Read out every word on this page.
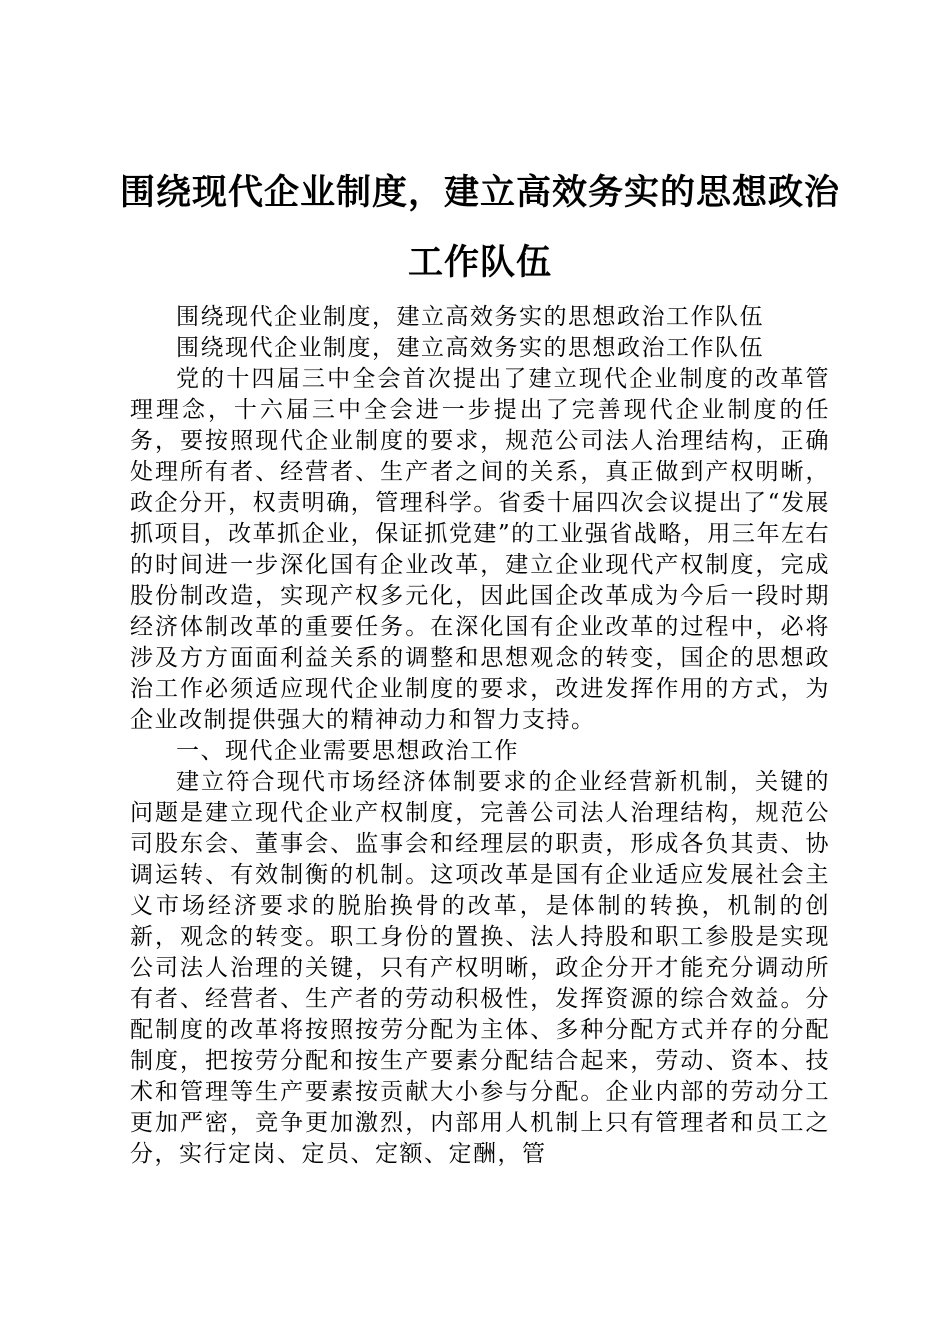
围绕现代企业制度，建立高效务实的思想政治
工作队伍

围绕现代企业制度，建立高效务实的思想政治工作队伍

围绕现代企业制度，建立高效务实的思想政治工作队伍

党的十四届三中全会首次提出了建立现代企业制度的改革管理理念，十六届三中全会进一步提出了完善现代企业制度的任务，要按照现代企业制度的要求，规范公司法人治理结构，正确处理所有者、经营者、生产者之间的关系，真正做到产权明晰，政企分开，权责明确，管理科学。省委十届四次会议提出了“发展抓项目，改革抓企业，保证抓党建”的工业强省战略，用三年左右的时间进一步深化国有企业改革，建立企业现代产权制度，完成股份制改造，实现产权多元化，因此国企改革成为今后一段时期经济体制改革的重要任务。在深化国有企业改革的过程中，必将涉及方方面面利益关系的调整和思想观念的转变，国企的思想政治工作必须适应现代企业制度的要求，改进发挥作用的方式，为企业改制提供强大的精神动力和智力支持。

一、现代企业需要思想政治工作

建立符合现代市场经济体制要求的企业经营新机制，关键的问题是建立现代企业产权制度，完善公司法人治理结构，规范公司股东会、董事会、监事会和经理层的职责，形成各负其责、协调运转、有效制衡的机制。这项改革是国有企业适应发展社会主义市场经济要求的脱胎换骨的改革，是体制的转换，机制的创新，观念的转变。职工身份的置换、法人持股和职工参股是实现公司法人治理的关键，只有产权明晰，政企分开才能充分调动所有者、经营者、生产者的劳动积极性，发挥资源的综合效益。分配制度的改革将按照按劳分配为主体、多种分配方式并存的分配制度，把按劳分配和按生产要素分配结合起来，劳动、资本、技术和管理等生产要素按贡献大小参与分配。企业内部的劳动分工更加严密，竞争更加激烈，内部用人机制上只有管理者和员工之分，实行定岗、定员、定额、定酬，管
